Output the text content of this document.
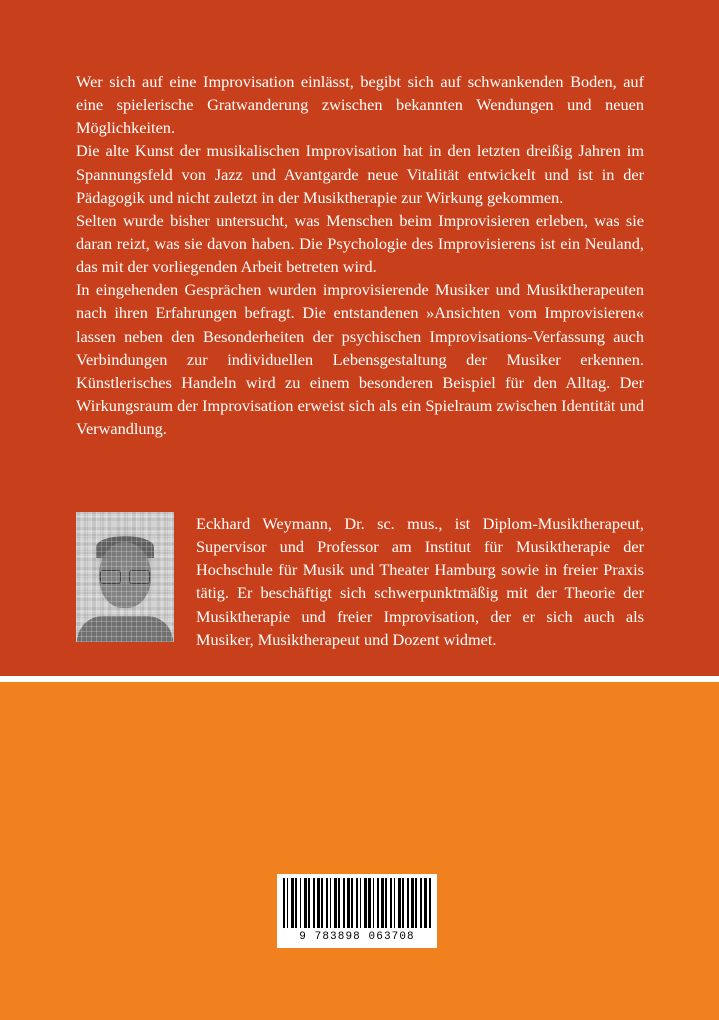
Wer sich auf eine Improvisation einlässt, begibt sich auf schwankenden Boden, auf eine spielerische Gratwanderung zwischen bekannten Wendungen und neuen Möglichkeiten.

Die alte Kunst der musikalischen Improvisation hat in den letzten dreißig Jahren im Spannungsfeld von Jazz und Avantgarde neue Vitalität entwickelt und ist in der Pädagogik und nicht zuletzt in der Musiktherapie zur Wirkung gekommen.

Selten wurde bisher untersucht, was Menschen beim Improvisieren erleben, was sie daran reizt, was sie davon haben. Die Psychologie des Improvisierens ist ein Neuland, das mit der vorliegenden Arbeit betreten wird.

In eingehenden Gesprächen wurden improvisierende Musiker und Musiktherapeuten nach ihren Erfahrungen befragt. Die entstandenen »Ansichten vom Improvisieren« lassen neben den Besonderheiten der psychischen Improvisations-Verfassung auch Verbindungen zur individuellen Lebensgestaltung der Musiker erkennen. Künstlerisches Handeln wird zu einem besonderen Beispiel für den Alltag. Der Wirkungsraum der Improvisation erweist sich als ein Spielraum zwischen Identität und Verwandlung.

Eckhard Weymann, Dr. sc. mus., ist Diplom-Musiktherapeut, Supervisor und Professor am Institut für Musiktherapie der Hochschule für Musik und Theater Hamburg sowie in freier Praxis tätig. Er beschäftigt sich schwerpunktmäßig mit der Theorie der Musiktherapie und freier Improvisation, der er sich auch als Musiker, Musiktherapeut und Dozent widmet.
9 783898 063708
